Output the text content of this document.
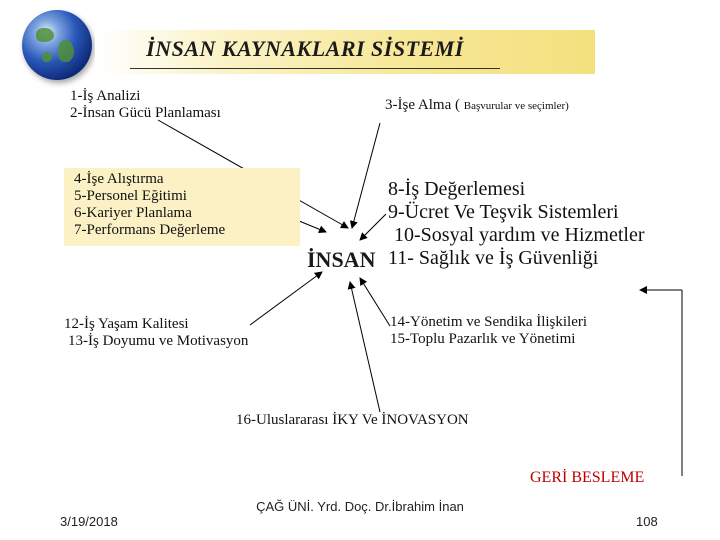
İNSAN KAYNAKLARI SİSTEMİ
1-İş Analizi
2-İnsan Gücü Planlaması	3-İşe Alma ( Başvurular ve seçimler)
4-İşe Alıştırma
5-Personel Eğitimi
6-Kariyer Planlama
7-Performans Değerleme
8-İş Değerlemesi
9-Ücret Ve Teşvik Sistemleri
10-Sosyal yardım ve Hizmetler
11- Sağlık ve İş Güvenliği
İNSAN
12-İş Yaşam Kalitesi
13-İş Doyumu ve Motivasyon
14-Yönetim ve Sendika İlişkileri
15-Toplu Pazarlık ve Yönetimi
16-Uluslararası İKY Ve İNOVASYON
GERİ BESLEME
3/19/2018
ÇAĞ ÜNİ. Yrd. Doç. Dr.İbrahim İnan
108
